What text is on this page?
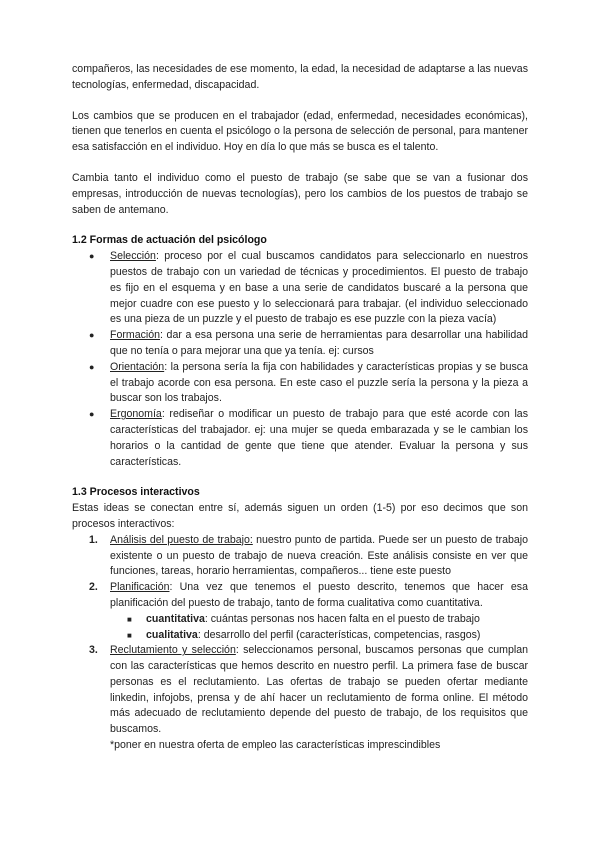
compañeros, las necesidades de ese momento, la edad, la necesidad de adaptarse a las nuevas tecnologías, enfermedad, discapacidad.

Los cambios que se producen en el trabajador (edad, enfermedad, necesidades económicas), tienen que tenerlos en cuenta el psicólogo o la persona de selección de personal, para mantener esa satisfacción en el individuo. Hoy en día lo que más se busca es el talento.

Cambia tanto el individuo como el puesto de trabajo (se sabe que se van a fusionar dos empresas, introducción de nuevas tecnologías), pero los cambios de los puestos de trabajo se saben de antemano.

1.2 Formas de actuación del psicólogo
● Selección: proceso por el cual buscamos candidatos para seleccionarlo en nuestros puestos de trabajo con un variedad de técnicas y procedimientos. El puesto de trabajo es fijo en el esquema y en base a una serie de candidatos buscaré a la persona que mejor cuadre con ese puesto y lo seleccionará para trabajar. (el individuo seleccionado es una pieza de un puzzle y el puesto de trabajo es ese puzzle con la pieza vacía)
● Formación: dar a esa persona una serie de herramientas para desarrollar una habilidad que no tenía o para mejorar una que ya tenía. ej: cursos
● Orientación: la persona sería la fija con habilidades y características propias y se busca el trabajo acorde con esa persona. En este caso el puzzle sería la persona y la pieza a buscar son los trabajos.
● Ergonomía: rediseñar o modificar un puesto de trabajo para que esté acorde con las características del trabajador. ej: una mujer se queda embarazada y se le cambian los horarios o la cantidad de gente que tiene que atender. Evaluar la persona y sus características.
1.3 Procesos interactivos

Estas ideas se conectan entre sí, además siguen un orden (1-5) por eso decimos que son procesos interactivos:

1. Análisis del puesto de trabajo: nuestro punto de partida. Puede ser un puesto de trabajo existente o un puesto de trabajo de nueva creación. Este análisis consiste en ver que funciones, tareas, horario herramientas, compañeros... tiene este puesto
2. Planificación: Una vez que tenemos el puesto descrito, tenemos que hacer esa planificación del puesto de trabajo, tanto de forma cualitativa como cuantitativa.
■ cuantitativa: cuántas personas nos hacen falta en el puesto de trabajo
■ cualitativa: desarrollo del perfil (características, competencias, rasgos)
3. Reclutamiento y selección: seleccionamos personal, buscamos personas que cumplan con las características que hemos descrito en nuestro perfil. La primera fase de buscar personas es el reclutamiento. Las ofertas de trabajo se pueden ofertar mediante linkedin, infojobs, prensa y de ahí hacer un reclutamiento de forma online. El método más adecuado de reclutamiento depende del puesto de trabajo, de los requisitos que buscamos.
*poner en nuestra oferta de empleo las características imprescindibles
